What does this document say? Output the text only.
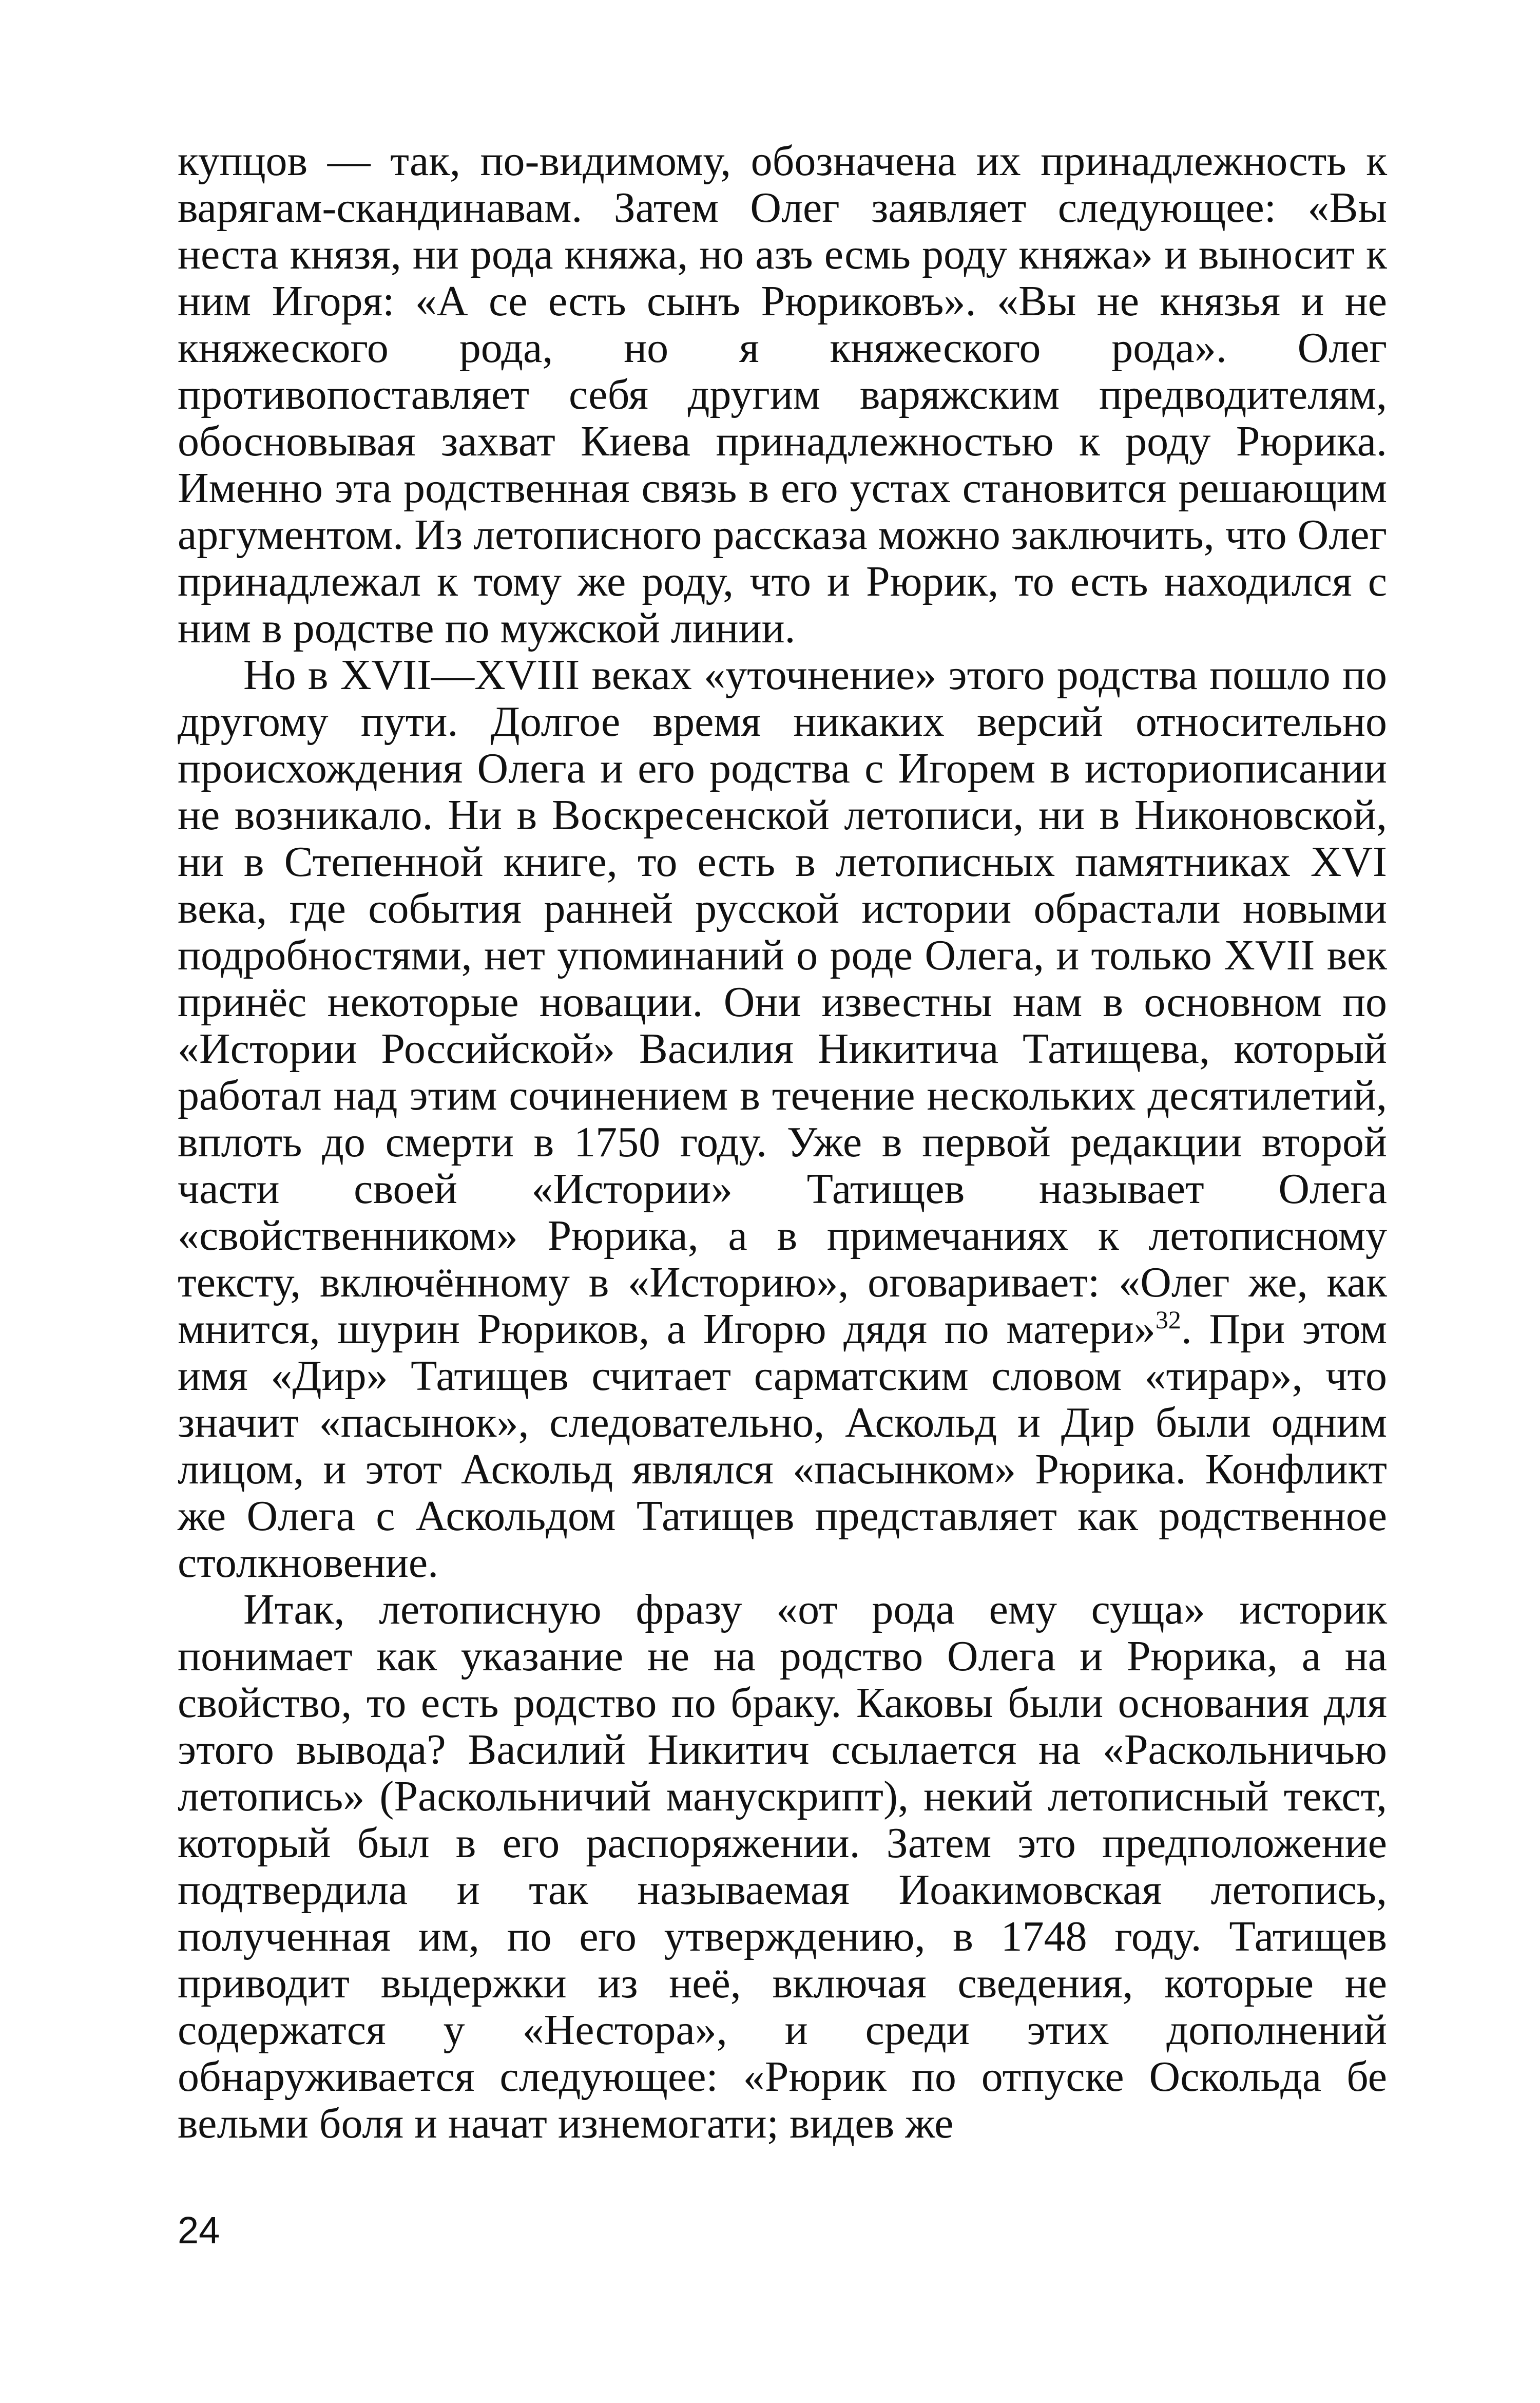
купцов — так, по-видимому, обозначена их принадлежность к варягам-скандинавам. Затем Олег заявляет следующее: «Вы неста князя, ни рода княжа, но азъ есмь роду княжа» и выносит к ним Игоря: «А се есть сынъ Рюриковъ». «Вы не князья и не княжеского рода, но я княжеского рода». Олег противопоставляет себя другим варяжским предводителям, обосновывая захват Киева принадлежностью к роду Рюрика. Именно эта родственная связь в его устах становится решающим аргументом. Из летописного рассказа можно заключить, что Олег принадлежал к тому же роду, что и Рюрик, то есть находился с ним в родстве по мужской линии.

Но в XVII—XVIII веках «уточнение» этого родства пошло по другому пути. Долгое время никаких версий относительно происхождения Олега и его родства с Игорем в историописании не возникало. Ни в Воскресенской летописи, ни в Никоновской, ни в Степенной книге, то есть в летописных памятниках XVI века, где события ранней русской истории обрастали новыми подробностями, нет упоминаний о роде Олега, и только XVII век принёс некоторые новации. Они известны нам в основном по «Истории Российской» Василия Никитича Татищева, который работал над этим сочинением в течение нескольких десятилетий, вплоть до смерти в 1750 году. Уже в первой редакции второй части своей «Истории» Татищев называет Олега «свойственником» Рюрика, а в примечаниях к летописному тексту, включённому в «Историю», оговаривает: «Олег же, как мнится, шурин Рюриков, а Игорю дядя по матери»$^{32}$. При этом имя «Дир» Татищев считает сарматским словом «тирар», что значит «пасынок», следовательно, Аскольд и Дир были одним лицом, и этот Аскольд являлся «пасынком» Рюрика. Конфликт же Олега с Аскольдом Татищев представляет как родственное столкновение.

Итак, летописную фразу «от рода ему суща» историк понимает как указание не на родство Олега и Рюрика, а на свойство, то есть родство по браку. Каковы были основания для этого вывода? Василий Никитич ссылается на «Раскольничью летопись» (Раскольничий манускрипт), некий летописный текст, который был в его распоряжении. Затем это предположение подтвердила и так называемая Иоакимовская летопись, полученная им, по его утверждению, в 1748 году. Татищев приводит выдержки из неё, включая сведения, которые не содержатся у «Нестора», и среди этих дополнений обнаруживается следующее: «Рюрик по отпуске Оскольда бе вельми боля и начат изнемогати; видев же

24
